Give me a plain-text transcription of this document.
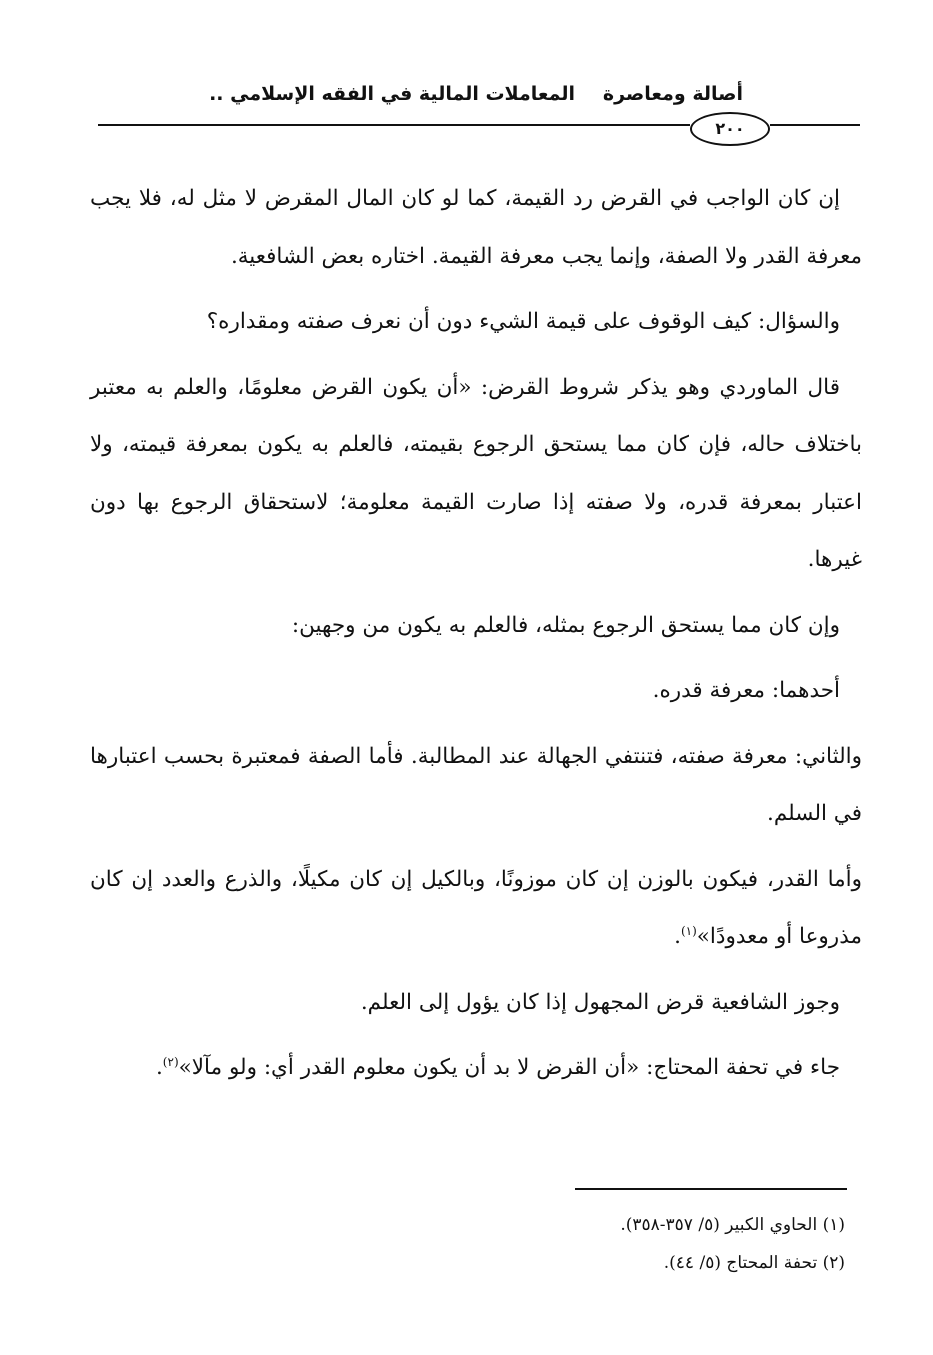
المعاملات المالية في الفقه الإسلامي .. أصالة ومعاصرة
٢٠٠

إن كان الواجب في القرض رد القيمة، كما لو كان المال المقرض لا مثل له، فلا يجب معرفة القدر ولا الصفة، وإنما يجب معرفة القيمة. اختاره بعض الشافعية.

والسؤال: كيف الوقوف على قيمة الشيء دون أن نعرف صفته ومقداره؟

قال الماوردي وهو يذكر شروط القرض: «أن يكون القرض معلومًا، والعلم به معتبر باختلاف حاله، فإن كان مما يستحق الرجوع بقيمته، فالعلم به يكون بمعرفة قيمته، ولا اعتبار بمعرفة قدره، ولا صفته إذا صارت القيمة معلومة؛ لاستحقاق الرجوع بها دون غيرها.

وإن كان مما يستحق الرجوع بمثله، فالعلم به يكون من وجهين:

أحدهما: معرفة قدره.

والثاني: معرفة صفته، فتنتفي الجهالة عند المطالبة. فأما الصفة فمعتبرة بحسب اعتبارها في السلم.

وأما القدر، فيكون بالوزن إن كان موزونًا، وبالكيل إن كان مكيلًا، والذرع والعدد إن كان مذروعا أو معدودًا»$^{(١)}$.

وجوز الشافعية قرض المجهول إذا كان يؤول إلى العلم.

جاء في تحفة المحتاج: «أن القرض لا بد أن يكون معلوم القدر أي: ولو مآلا»$^{(٢)}$.

(١) الحاوي الكبير (٥/ ٣٥٧-٣٥٨).

(٢) تحفة المحتاج (٥/ ٤٤).
